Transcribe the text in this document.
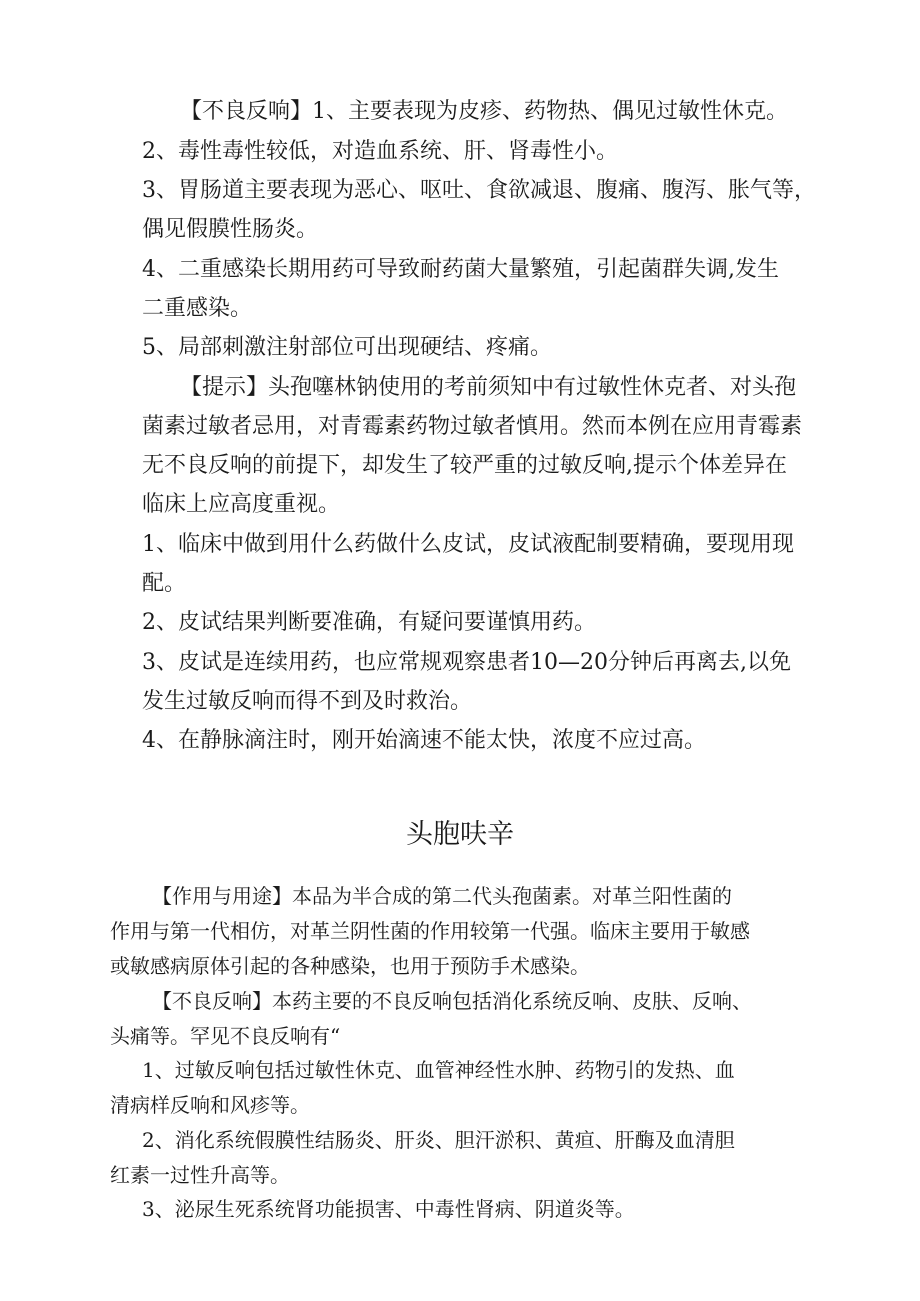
【不良反响】1、主要表现为皮疹、药物热、偶见过敏性休克。
2、毒性毒性较低，对造血系统、肝、肾毒性小。
3、胃肠道主要表现为恶心、呕吐、食欲减退、腹痛、腹泻、胀气等，
偶见假膜性肠炎。
4、二重感染长期用药可导致耐药菌大量繁殖，引起菌群失调,发生
二重感染。
5、局部刺激注射部位可出现硬结、疼痛。
【提示】头孢噻林钠使用的考前须知中有过敏性休克者、对头孢
菌素过敏者忌用，对青霉素药物过敏者慎用。然而本例在应用青霉素
无不良反响的前提下，却发生了较严重的过敏反响,提示个体差异在
临床上应高度重视。
1、临床中做到用什么药做什么皮试，皮试液配制要精确，要现用现
配。
2、皮试结果判断要准确，有疑问要谨慎用药。
3、皮试是连续用药，也应常规观察患者10—20分钟后再离去,以免
发生过敏反响而得不到及时救治。
4、在静脉滴注时，刚开始滴速不能太快，浓度不应过高。
头胞呋辛
【作用与用途】本品为半合成的第二代头孢菌素。对革兰阳性菌的
作用与第一代相仿，对革兰阴性菌的作用较第一代强。临床主要用于敏感
或敏感病原体引起的各种感染，也用于预防手术感染。
【不良反响】本药主要的不良反响包括消化系统反响、皮肤、反响、
头痛等。罕见不良反响有“
1、过敏反响包括过敏性休克、血管神经性水肿、药物引的发热、血
清病样反响和风疹等。
2、消化系统假膜性结肠炎、肝炎、胆汗淤积、黄疸、肝酶及血清胆
红素一过性升高等。
3、泌尿生死系统肾功能损害、中毒性肾病、阴道炎等。
